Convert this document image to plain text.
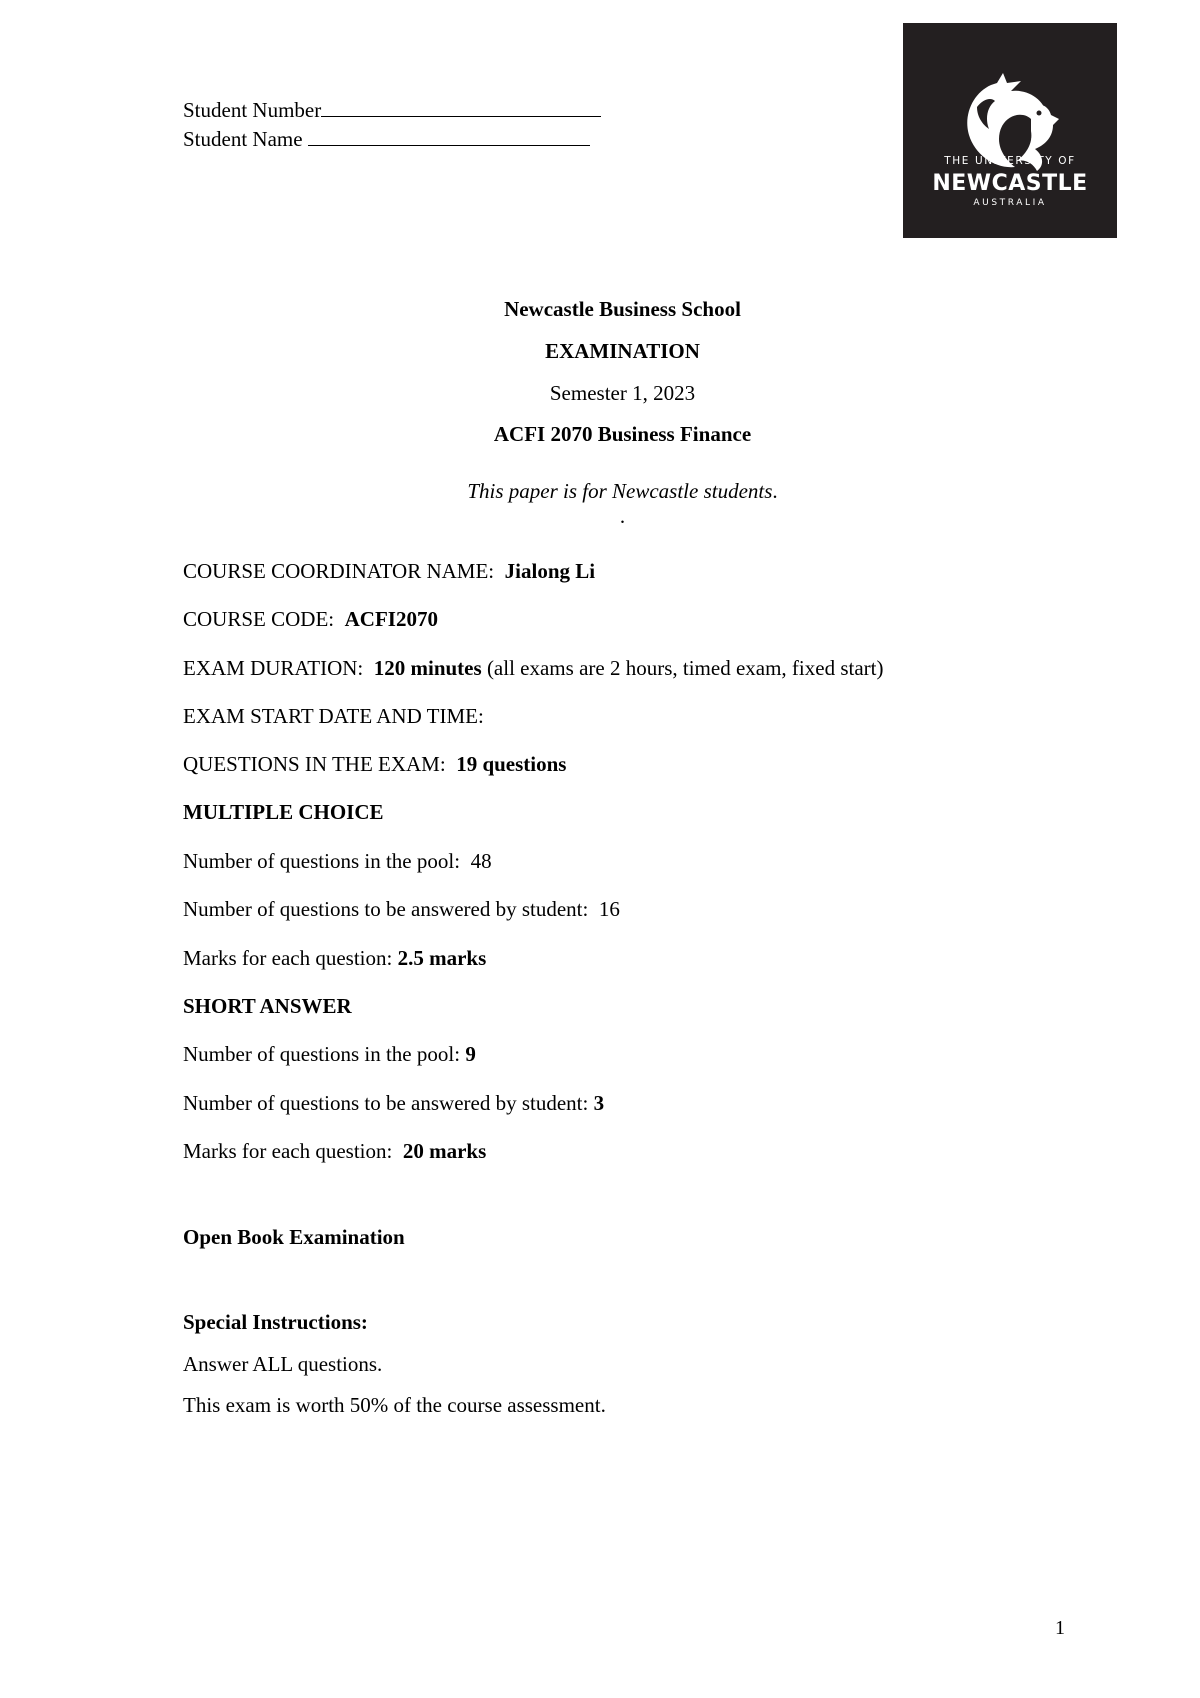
Student Number
Student Name
THE UNIVERSITY OF
NEWCASTLE
AUSTRALIA
Newcastle Business School
EXAMINATION
Semester 1, 2023
ACFI 2070 Business Finance
This paper is for Newcastle students.
.
COURSE COORDINATOR NAME: Jialong Li
COURSE CODE: ACFI2070
EXAM DURATION: 120 minutes (all exams are 2 hours, timed exam, fixed start)
EXAM START DATE AND TIME:
QUESTIONS IN THE EXAM: 19 questions
MULTIPLE CHOICE
Number of questions in the pool: 48
Number of questions to be answered by student: 16
Marks for each question: 2.5 marks
SHORT ANSWER
Number of questions in the pool: 9
Number of questions to be answered by student: 3
Marks for each question: 20 marks
Open Book Examination
Special Instructions:
Answer ALL questions.
This exam is worth 50% of the course assessment.
1
